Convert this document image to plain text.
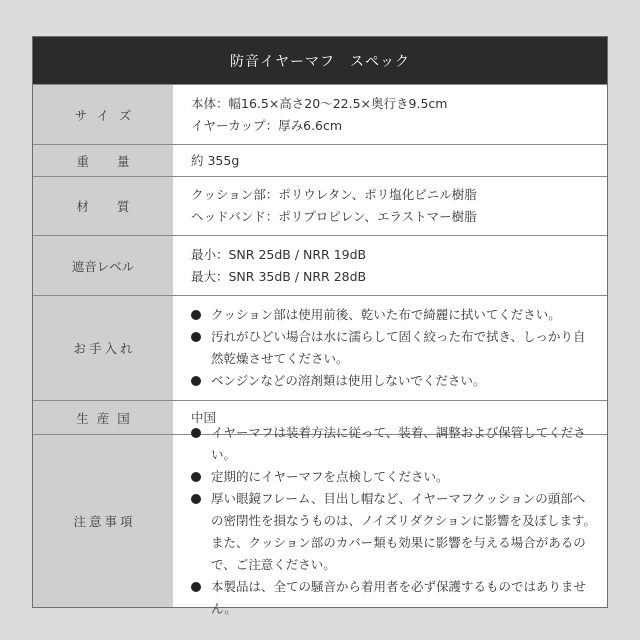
防音イヤーマフ　スペック
サイズ
本体：幅16.5×高さ20〜22.5×奥行き9.5cm
イヤーカップ：厚み6.6cm
重量	約 355g
材質
クッション部：ポリウレタン、ポリ塩化ビニル樹脂
ヘッドバンド：ポリプロピレン、エラストマー樹脂
遮音レベル
最小：SNR 25dB / NRR 19dB
最大：SNR 35dB / NRR 28dB
お手入れ
クッション部は使用前後、乾いた布で綺麗に拭いてください。
汚れがひどい場合は水に濡らして固く絞った布で拭き、しっかり自然乾燥させてください。
ベンジンなどの溶剤類は使用しないでください。
生産国	中国
注意事項
イヤーマフは装着方法に従って、装着、調整および保管してください。
定期的にイヤーマフを点検してください。
厚い眼鏡フレーム、目出し帽など、イヤーマフクッションの頭部への密閉性を損なうものは、ノイズリダクションに影響を及ぼします。また、クッション部のカバー類も効果に影響を与える場合があるので、ご注意ください。
本製品は、全ての騒音から着用者を必ず保護するものではありません。
